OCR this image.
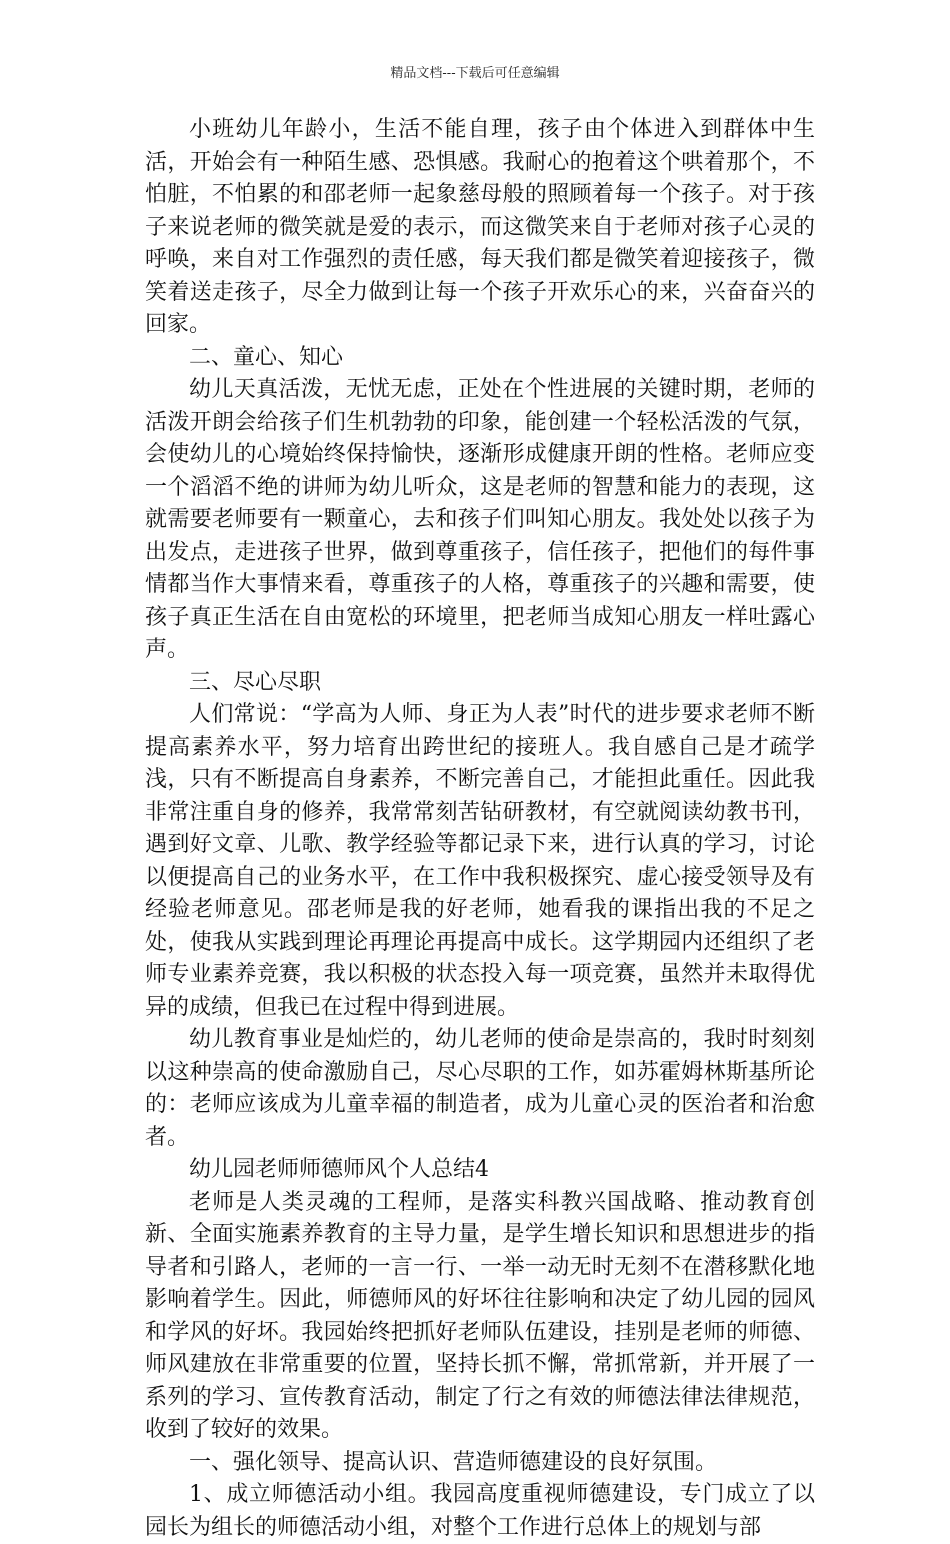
精品文档---下载后可任意编辑

小班幼儿年龄小，生活不能自理，孩子由个体进入到群体中生活，开始会有一种陌生感、恐惧感。我耐心的抱着这个哄着那个，不怕脏，不怕累的和邵老师一起象慈母般的照顾着每一个孩子。对于孩子来说老师的微笑就是爱的表示，而这微笑来自于老师对孩子心灵的呼唤，来自对工作强烈的责任感，每天我们都是微笑着迎接孩子，微笑着送走孩子，尽全力做到让每一个孩子开欢乐心的来，兴奋奋兴的回家。

二、童心、知心

幼儿天真活泼，无忧无虑，正处在个性进展的关键时期，老师的活泼开朗会给孩子们生机勃勃的印象，能创建一个轻松活泼的气氛，会使幼儿的心境始终保持愉快，逐渐形成健康开朗的性格。老师应变一个滔滔不绝的讲师为幼儿听众，这是老师的智慧和能力的表现，这就需要老师要有一颗童心，去和孩子们叫知心朋友。我处处以孩子为出发点，走进孩子世界，做到尊重孩子，信任孩子，把他们的每件事情都当作大事情来看，尊重孩子的人格，尊重孩子的兴趣和需要，使孩子真正生活在自由宽松的环境里，把老师当成知心朋友一样吐露心声。

三、尽心尽职

人们常说：“学高为人师、身正为人表”时代的进步要求老师不断提高素养水平，努力培育出跨世纪的接班人。我自感自己是才疏学浅，只有不断提高自身素养，不断完善自己，才能担此重任。因此我非常注重自身的修养，我常常刻苦钻研教材，有空就阅读幼教书刊，遇到好文章、儿歌、教学经验等都记录下来，进行认真的学习，讨论以便提高自己的业务水平，在工作中我积极探究、虚心接受领导及有经验老师意见。邵老师是我的好老师，她看我的课指出我的不足之处，使我从实践到理论再理论再提高中成长。这学期园内还组织了老师专业素养竞赛，我以积极的状态投入每一项竞赛，虽然并未取得优异的成绩，但我已在过程中得到进展。

幼儿教育事业是灿烂的，幼儿老师的使命是崇高的，我时时刻刻以这种崇高的使命激励自己，尽心尽职的工作，如苏霍姆林斯基所论的：老师应该成为儿童幸福的制造者，成为儿童心灵的医治者和治愈者。

幼儿园老师师德师风个人总结4

老师是人类灵魂的工程师，是落实科教兴国战略、推动教育创新、全面实施素养教育的主导力量，是学生增长知识和思想进步的指导者和引路人，老师的一言一行、一举一动无时无刻不在潜移默化地影响着学生。因此，师德师风的好坏往往影响和决定了幼儿园的园风和学风的好坏。我园始终把抓好老师队伍建设，挂别是老师的师德、师风建放在非常重要的位置，坚持长抓不懈，常抓常新，并开展了一系列的学习、宣传教育活动，制定了行之有效的师德法律法律规范，收到了较好的效果。

一、强化领导、提高认识、营造师德建设的良好氛围。

1、成立师德活动小组。我园高度重视师德建设，专门成立了以园长为组长的师德活动小组，对整个工作进行总体上的规划与部
